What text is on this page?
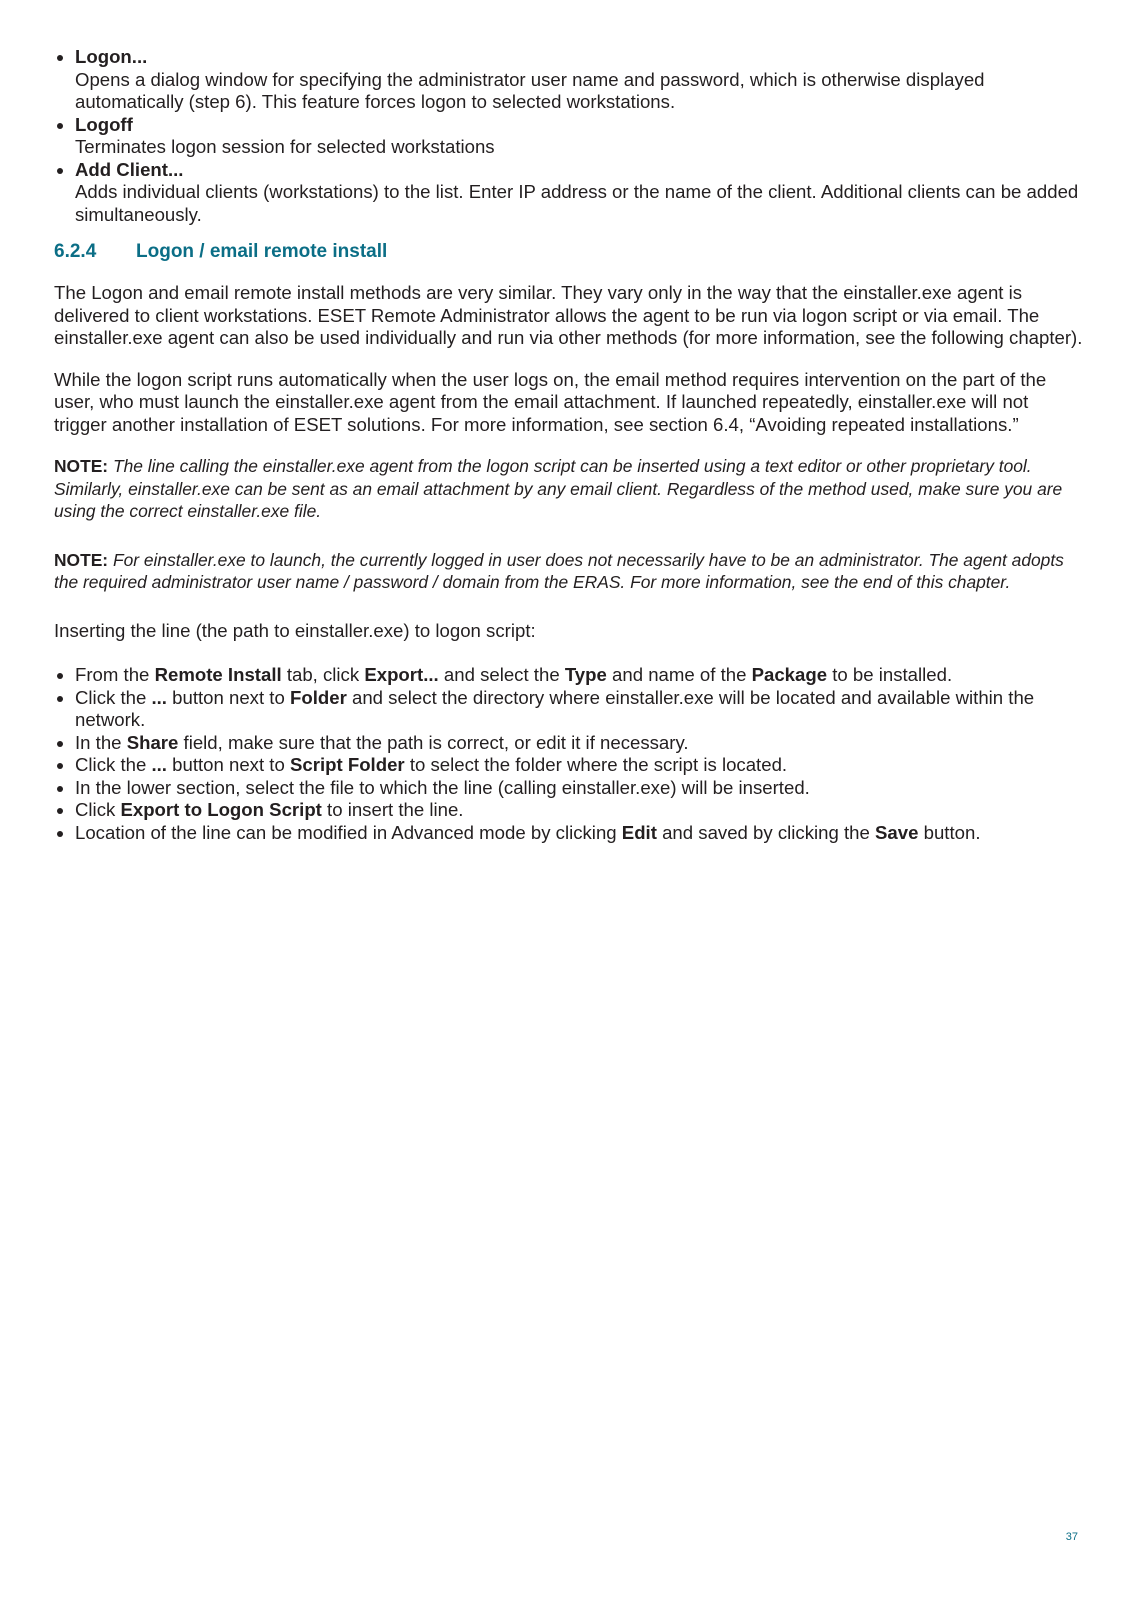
Logon...
Opens a dialog window for specifying the administrator user name and password, which is otherwise displayed automatically (step 6). This feature forces logon to selected workstations.
Logoff
Terminates logon session for selected workstations
Add Client...
Adds individual clients (workstations) to the list. Enter IP address or the name of the client. Additional clients can be added simultaneously.
6.2.4 Logon / email remote install

The Logon and email remote install methods are very similar. They vary only in the way that the einstaller.exe agent is delivered to client workstations. ESET Remote Administrator allows the agent to be run via logon script or via email. The einstaller.exe agent can also be used individually and run via other methods (for more information, see the following chapter).

While the logon script runs automatically when the user logs on, the email method requires intervention on the part of the user, who must launch the einstaller.exe agent from the email attachment. If launched repeatedly, einstaller.exe will not trigger another installation of ESET solutions. For more information, see section 6.4, “Avoiding repeated installations.”

NOTE: The line calling the einstaller.exe agent from the logon script can be inserted using a text editor or other proprietary tool. Similarly, einstaller.exe can be sent as an email attachment by any email client. Regardless of the method used, make sure you are using the correct einstaller.exe file.

NOTE: For einstaller.exe to launch, the currently logged in user does not necessarily have to be an administrator. The agent adopts the required administrator user name / password / domain from the ERAS. For more information, see the end of this chapter.

Inserting the line (the path to einstaller.exe) to logon script:

From the Remote Install tab, click Export... and select the Type and name of the Package to be installed.
Click the ... button next to Folder and select the directory where einstaller.exe will be located and available within the network.
In the Share field, make sure that the path is correct, or edit it if necessary.
Click the ... button next to Script Folder to select the folder where the script is located.
In the lower section, select the file to which the line (calling einstaller.exe) will be inserted.
Click Export to Logon Script to insert the line.
Location of the line can be modified in Advanced mode by clicking Edit and saved by clicking the Save button.
37
